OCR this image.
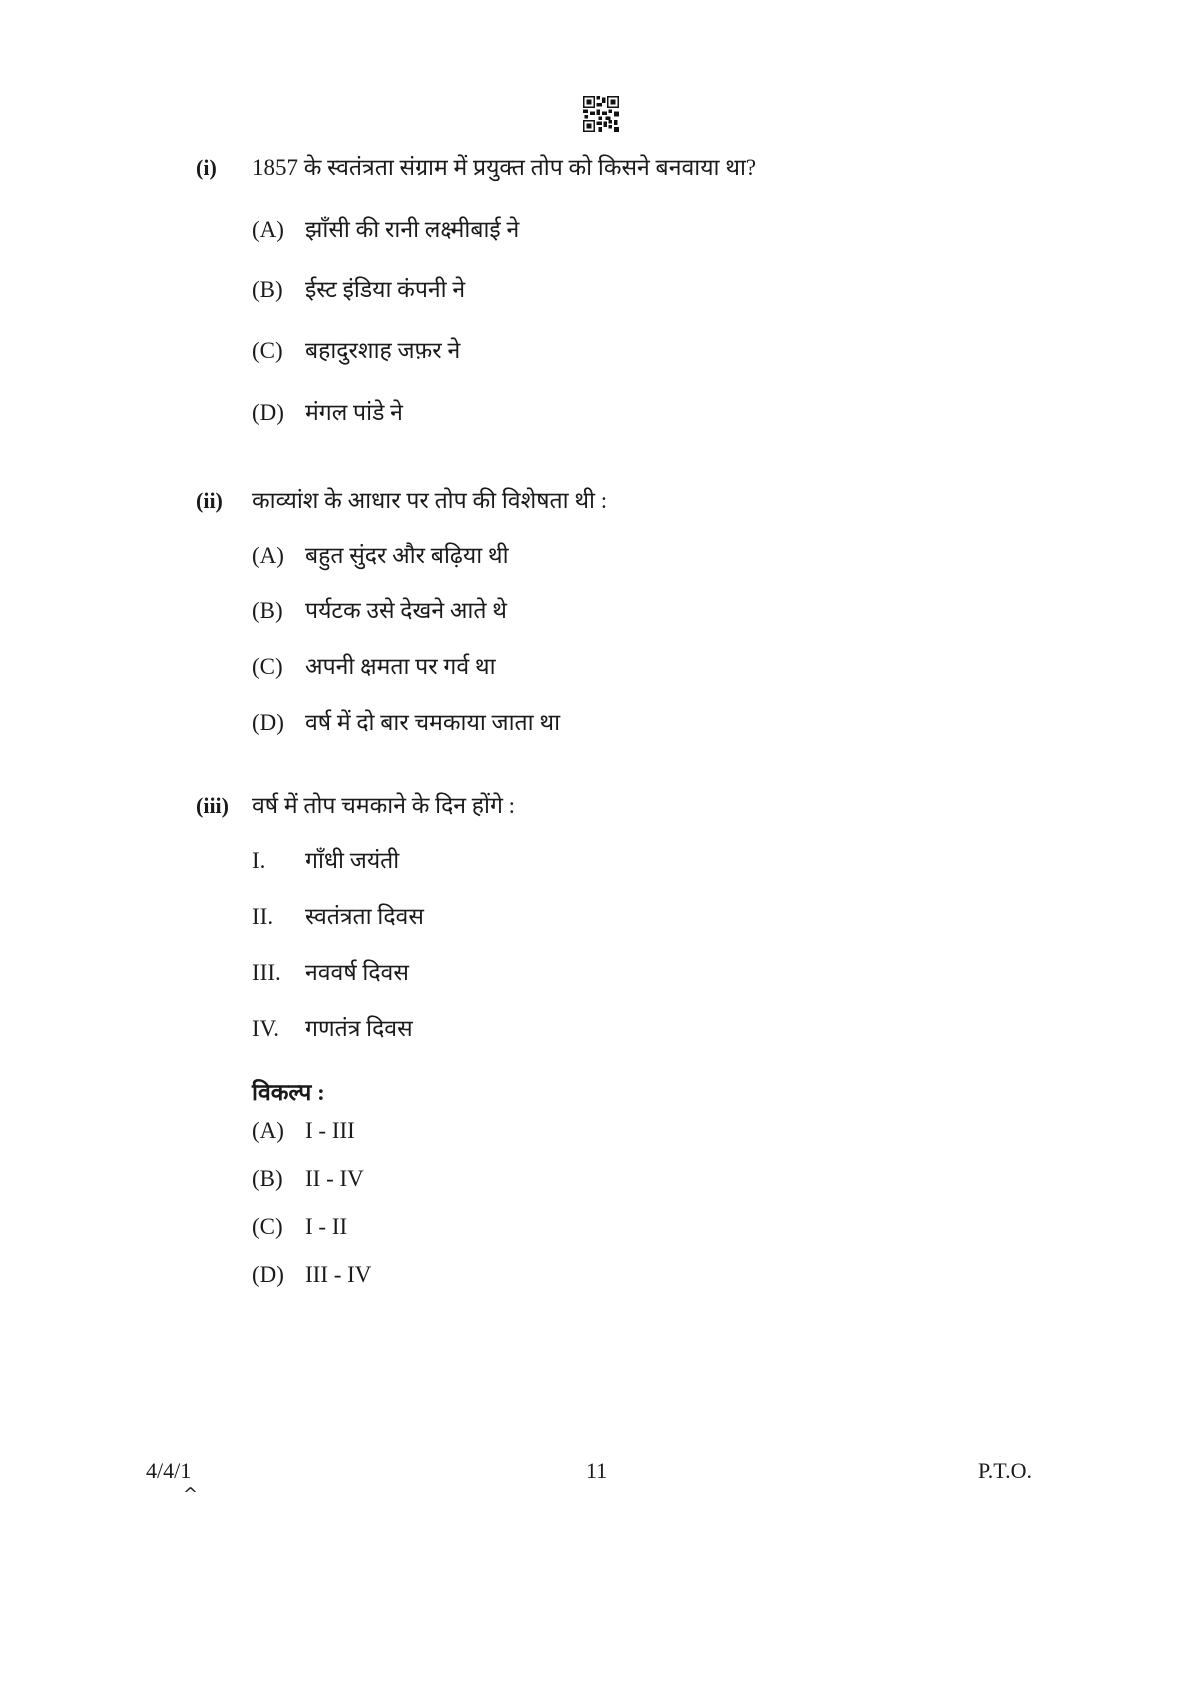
(i)	1857 के स्वतंत्रता संग्राम में प्रयुक्त तोप को किसने बनवाया था?
(A) झाँसी की रानी लक्ष्मीबाई ने
(B) ईस्ट इंडिया कंपनी ने
(C) बहादुरशाह जफ़र ने
(D) मंगल पांडे ने
(ii)	काव्यांश के आधार पर तोप की विशेषता थी :
(A) बहुत सुंदर और बढ़िया थी
(B) पर्यटक उसे देखने आते थे
(C) अपनी क्षमता पर गर्व था
(D) वर्ष में दो बार चमकाया जाता था
(iii)	वर्ष में तोप चमकाने के दिन होंगे :
I.	गाँधी जयंती
II.	स्वतंत्रता दिवस
III.	नववर्ष दिवस
IV.	गणतंत्र दिवस
विकल्प :
(A) I - III
(B) II - IV
(C) I - II
(D) III - IV
4/4/1
^
11	P.T.O.
